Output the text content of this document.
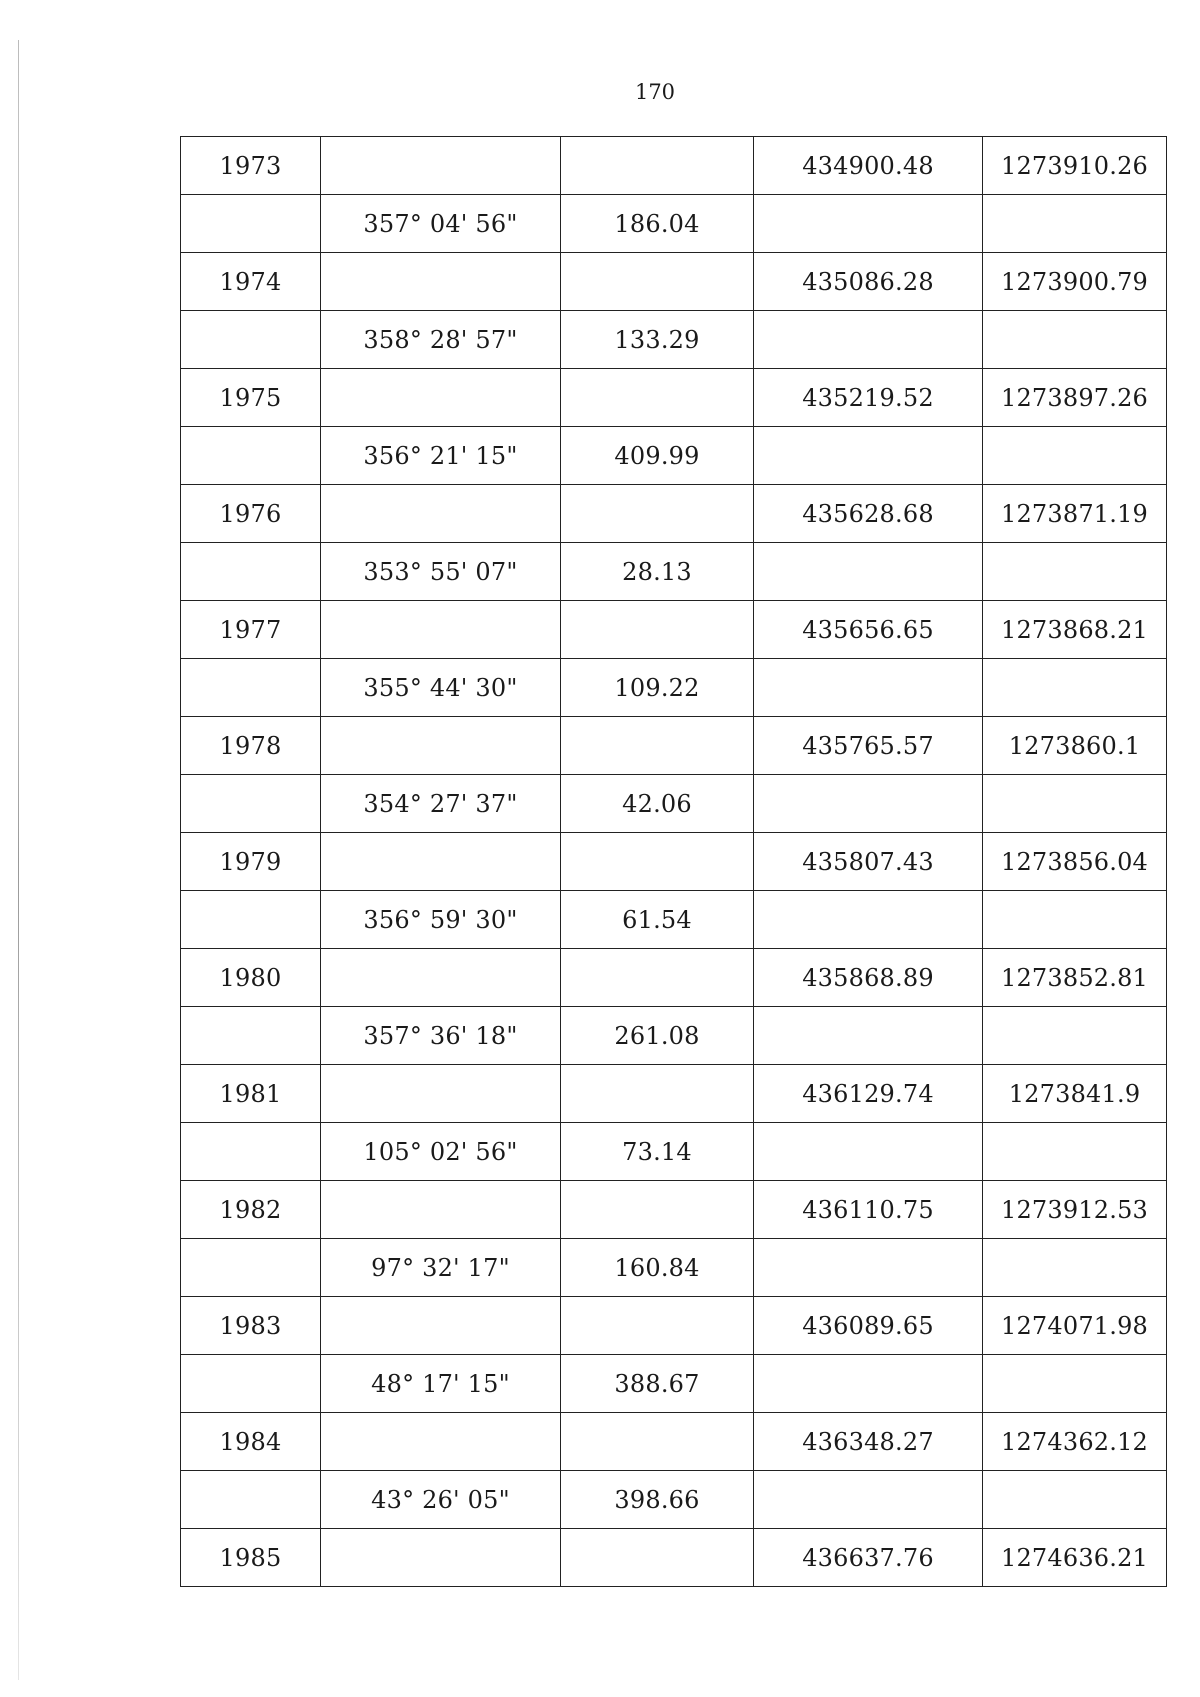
170
1973			434900.48	1273910.26
	357° 04' 56"	186.04		
1974			435086.28	1273900.79
	358° 28' 57"	133.29		
1975			435219.52	1273897.26
	356° 21' 15"	409.99		
1976			435628.68	1273871.19
	353° 55' 07"	28.13		
1977			435656.65	1273868.21
	355° 44' 30"	109.22		
1978			435765.57	1273860.1
	354° 27' 37"	42.06		
1979			435807.43	1273856.04
	356° 59' 30"	61.54		
1980			435868.89	1273852.81
	357° 36' 18"	261.08		
1981			436129.74	1273841.9
	105° 02' 56"	73.14		
1982			436110.75	1273912.53
	97° 32' 17"	160.84		
1983			436089.65	1274071.98
	48° 17' 15"	388.67		
1984			436348.27	1274362.12
	43° 26' 05"	398.66		
1985			436637.76	1274636.21
